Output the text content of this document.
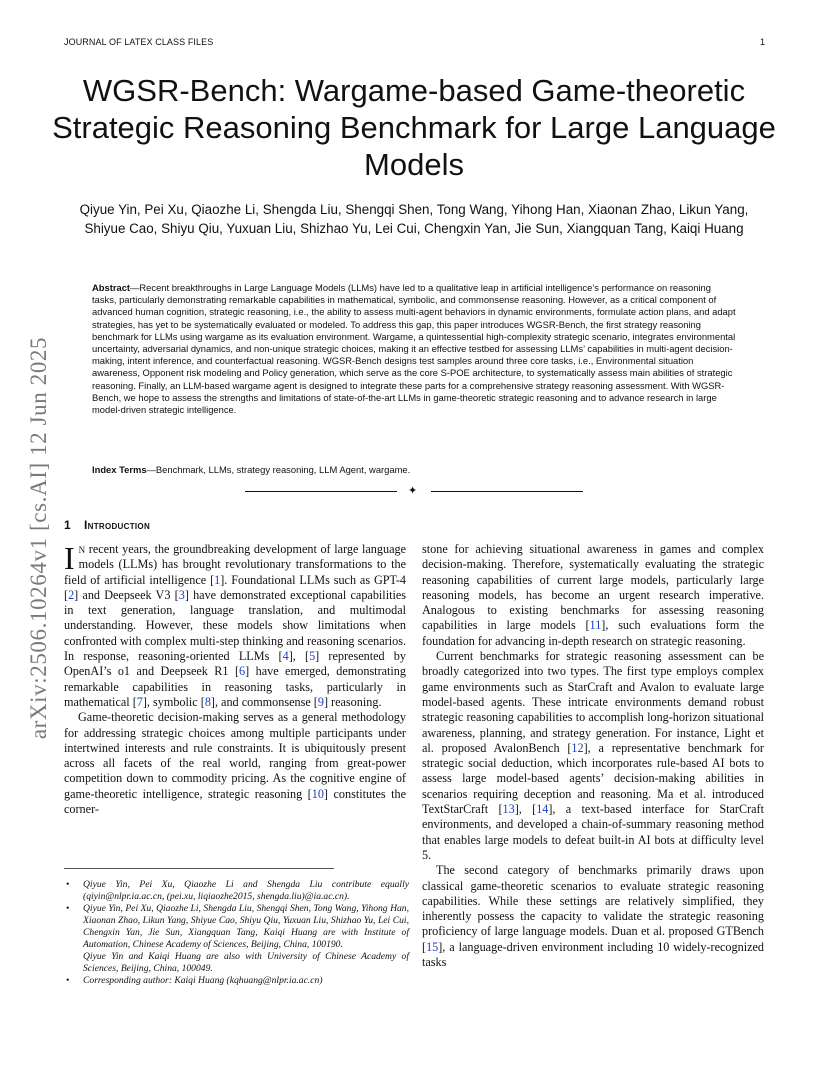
JOURNAL OF LATEX CLASS FILES	1
WGSR-Bench: Wargame-based Game-theoretic Strategic Reasoning Benchmark for Large Language Models

Qiyue Yin, Pei Xu, Qiaozhe Li, Shengda Liu, Shengqi Shen, Tong Wang, Yihong Han, Xiaonan Zhao, Likun Yang, Shiyue Cao, Shiyu Qiu, Yuxuan Liu, Shizhao Yu, Lei Cui, Chengxin Yan, Jie Sun, Xiangquan Tang, Kaiqi Huang

arXiv:2506.10264v1 [cs.AI] 12 Jun 2025

Abstract—Recent breakthroughs in Large Language Models (LLMs) have led to a qualitative leap in artificial intelligence’s performance on reasoning tasks, particularly demonstrating remarkable capabilities in mathematical, symbolic, and commonsense reasoning. However, as a critical component of advanced human cognition, strategic reasoning, i.e., the ability to assess multi-agent behaviors in dynamic environments, formulate action plans, and adapt strategies, has yet to be systematically evaluated or modeled. To address this gap, this paper introduces WGSR-Bench, the first strategy reasoning benchmark for LLMs using wargame as its evaluation environment. Wargame, a quintessential high-complexity strategic scenario, integrates environmental uncertainty, adversarial dynamics, and non-unique strategic choices, making it an effective testbed for assessing LLMs’ capabilities in multi-agent decision-making, intent inference, and counterfactual reasoning. WGSR-Bench designs test samples around three core tasks, i.e., Environmental situation awareness, Opponent risk modeling and Policy generation, which serve as the core S-POE architecture, to systematically assess main abilities of strategic reasoning. Finally, an LLM-based wargame agent is designed to integrate these parts for a comprehensive strategy reasoning assessment. With WGSR-Bench, we hope to assess the strengths and limitations of state-of-the-art LLMs in game-theoretic strategic reasoning and to advance research in large model-driven strategic intelligence.

Index Terms—Benchmark, LLMs, strategy reasoning, LLM Agent, wargame.

✦
1 Introduction

In recent years, the groundbreaking development of large language models (LLMs) has brought revolutionary transformations to the field of artificial intelligence [1]. Foundational LLMs such as GPT-4 [2] and Deepseek V3 [3] have demonstrated exceptional capabilities in text generation, language translation, and multimodal understanding. However, these models show limitations when confronted with complex multi-step thinking and reasoning scenarios. In response, reasoning-oriented LLMs [4], [5] represented by OpenAI’s o1 and Deepseek R1 [6] have emerged, demonstrating remarkable capabilities in reasoning tasks, particularly in mathematical [7], symbolic [8], and commonsense [9] reasoning.

Game-theoretic decision-making serves as a general methodology for addressing strategic choices among multiple participants under intertwined interests and rule constraints. It is ubiquitously present across all facets of the real world, ranging from great-power competition down to commodity pricing. As the cognitive engine of game-theoretic intelligence, strategic reasoning [10] constitutes the corner-

stone for achieving situational awareness in games and complex decision-making. Therefore, systematically evaluating the strategic reasoning capabilities of current large models, particularly large reasoning models, has become an urgent research imperative. Analogous to existing benchmarks for assessing reasoning capabilities in large models [11], such evaluations form the foundation for advancing in-depth research on strategic reasoning.

Current benchmarks for strategic reasoning assessment can be broadly categorized into two types. The first type employs complex game environments such as StarCraft and Avalon to evaluate large model-based agents. These intricate environments demand robust strategic reasoning capabilities to accomplish long-horizon situational awareness, planning, and strategy generation. For instance, Light et al. proposed AvalonBench [12], a representative benchmark for strategic social deduction, which incorporates rule-based AI bots to assess large model-based agents’ decision-making abilities in scenarios requiring deception and reasoning. Ma et al. introduced TextStarCraft [13], [14], a text-based interface for StarCraft environments, and developed a chain-of-summary reasoning method that enables large models to defeat built-in AI bots at difficulty level 5.

The second category of benchmarks primarily draws upon classical game-theoretic scenarios to evaluate strategic reasoning capabilities. While these settings are relatively simplified, they inherently possess the capacity to validate the strategic reasoning proficiency of large language models. Duan et al. proposed GTBench [15], a language-driven environment including 10 widely-recognized tasks

• Qiyue Yin, Pei Xu, Qiaozhe Li and Shengda Liu contribute equally (qiyin@nlpr.ia.ac.cn, (pei.xu, liqiaozhe2015, shengda.liu)@ia.ac.cn).
• Qiyue Yin, Pei Xu, Qiaozhe Li, Shengda Liu, Shengqi Shen, Tong Wang, Yihong Han, Xiaonan Zhao, Likun Yang, Shiyue Cao, Shiyu Qiu, Yuxuan Liu, Shizhao Yu, Lei Cui, Chengxin Yan, Jie Sun, Xiangquan Tang, Kaiqi Huang are with Institute of Automation, Chinese Academy of Sciences, Beijing, China, 100190.
Qiyue Yin and Kaiqi Huang are also with University of Chinese Academy of Sciences, Beijing, China, 100049.
• Corresponding author: Kaiqi Huang (kqhuang@nlpr.ia.ac.cn)
